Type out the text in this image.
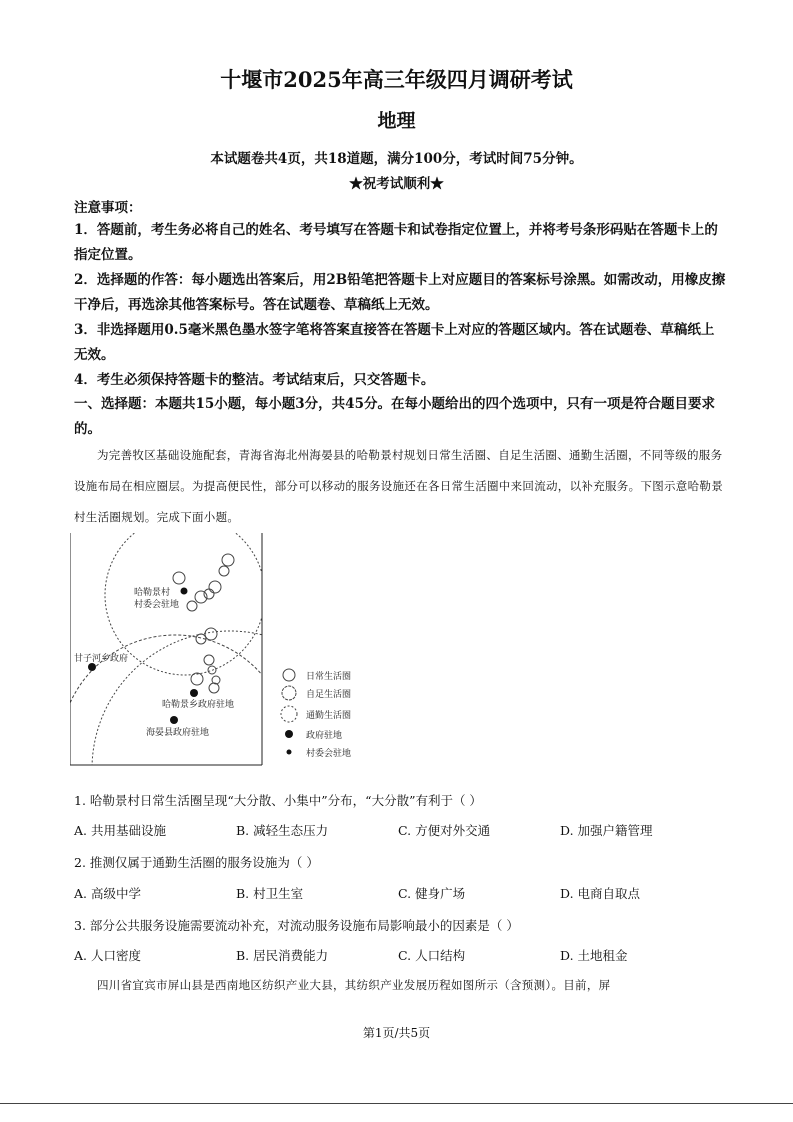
十堰市2025年高三年级四月调研考试
地理
本试题卷共4页，共18道题，满分100分，考试时间75分钟。
★祝考试顺利★
注意事项：

1．答题前，考生务必将自己的姓名、考号填写在答题卡和试卷指定位置上，并将考号条形码贴在答题卡上的指定位置。

2．选择题的作答：每小题选出答案后，用2B铅笔把答题卡上对应题目的答案标号涂黑。如需改动，用橡皮擦干净后，再选涂其他答案标号。答在试题卷、草稿纸上无效。

3．非选择题用0.5毫米黑色墨水签字笔将答案直接答在答题卡上对应的答题区域内。答在试题卷、草稿纸上无效。

4．考生必须保持答题卡的整洁。考试结束后，只交答题卡。

一、选择题：本题共15小题，每小题3分，共45分。在每小题给出的四个选项中，只有一项是符合题目要求的。
为完善牧区基础设施配套，青海省海北州海晏县的哈勒景村规划日常生活圈、自足生活圈、通勤生活圈，不同等级的服务设施布局在相应圈层。为提高便民性，部分可以移动的服务设施还在各日常生活圈中来回流动，以补充服务。下图示意哈勒景村生活圈规划。完成下面小题。
哈勒景村
村委会驻地
甘子河乡政府
哈勒景乡政府驻地
海晏县政府驻地
日常生活圈
自足生活圈
通勤生活圈
政府驻地
村委会驻地
1. 哈勒景村日常生活圈呈现“大分散、小集中”分布，“大分散”有利于（ ）
A. 共用基础设施	B. 减轻生态压力	C. 方便对外交通	D. 加强户籍管理
2. 推测仅属于通勤生活圈的服务设施为（ ）
A. 高级中学	B. 村卫生室	C. 健身广场	D. 电商自取点
3. 部分公共服务设施需要流动补充，对流动服务设施布局影响最小的因素是（ ）
A. 人口密度	B. 居民消费能力	C. 人口结构	D. 土地租金
四川省宜宾市屏山县是西南地区纺织产业大县，其纺织产业发展历程如图所示（含预测）。目前，屏
第1页/共5页
